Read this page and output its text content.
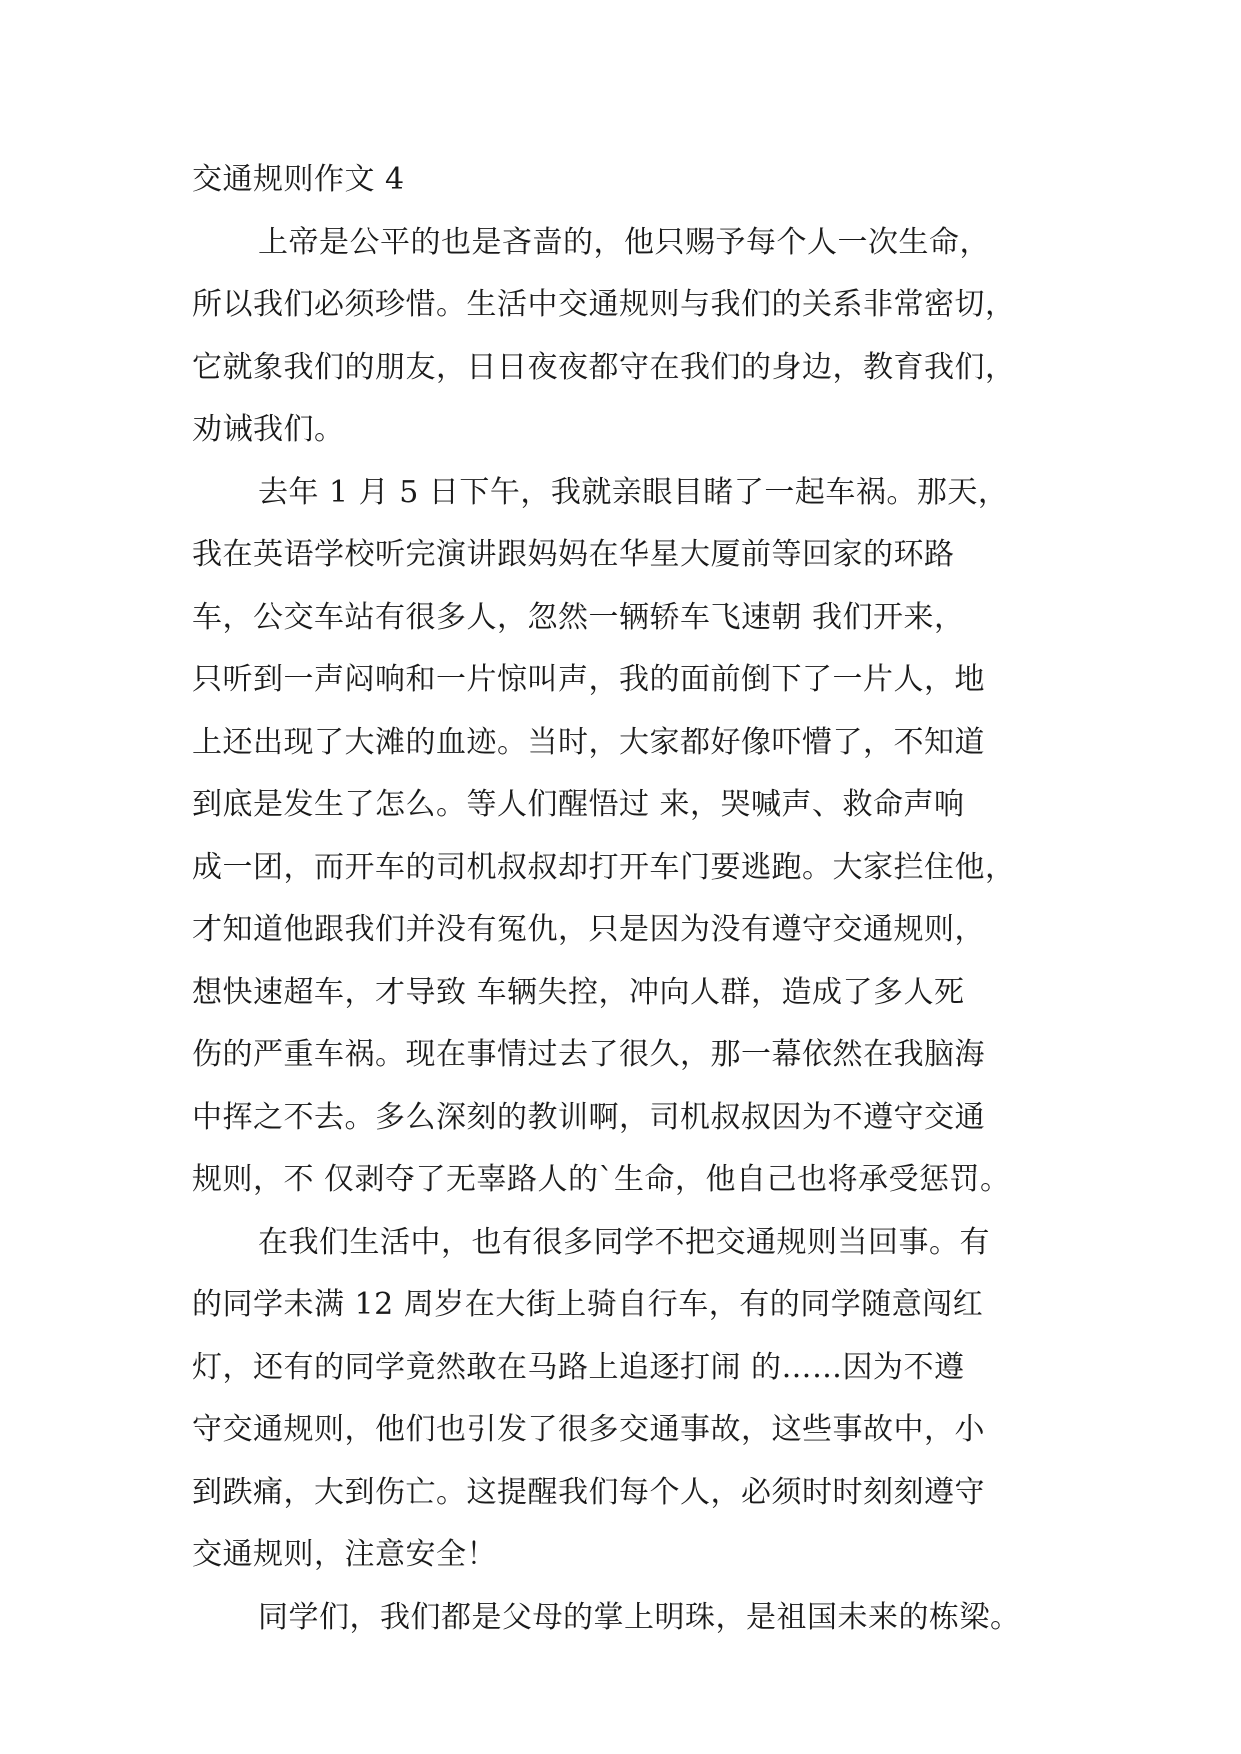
交通规则作文 4
上帝是公平的也是吝啬的，他只赐予每个人一次生命，
所以我们必须珍惜。生活中交通规则与我们的关系非常密切，
它就象我们的朋友，日日夜夜都守在我们的身边，教育我们，
劝诫我们。
去年 1 月 5 日下午，我就亲眼目睹了一起车祸。那天，
我在英语学校听完演讲跟妈妈在华星大厦前等回家的环路
车，公交车站有很多人，忽然一辆轿车飞速朝 我们开来，
只听到一声闷响和一片惊叫声，我的面前倒下了一片人，地
上还出现了大滩的血迹。当时，大家都好像吓懵了，不知道
到底是发生了怎么。等人们醒悟过 来，哭喊声、救命声响
成一团，而开车的司机叔叔却打开车门要逃跑。大家拦住他，
才知道他跟我们并没有冤仇，只是因为没有遵守交通规则，
想快速超车，才导致 车辆失控，冲向人群，造成了多人死
伤的严重车祸。现在事情过去了很久，那一幕依然在我脑海
中挥之不去。多么深刻的教训啊，司机叔叔因为不遵守交通
规则，不 仅剥夺了无辜路人的`生命，他自己也将承受惩罚。
在我们生活中，也有很多同学不把交通规则当回事。有
的同学未满 12 周岁在大街上骑自行车，有的同学随意闯红
灯，还有的同学竟然敢在马路上追逐打闹 的……因为不遵
守交通规则，他们也引发了很多交通事故，这些事故中，小
到跌痛，大到伤亡。这提醒我们每个人，必须时时刻刻遵守
交通规则，注意安全！
同学们，我们都是父母的掌上明珠，是祖国未来的栋梁。
